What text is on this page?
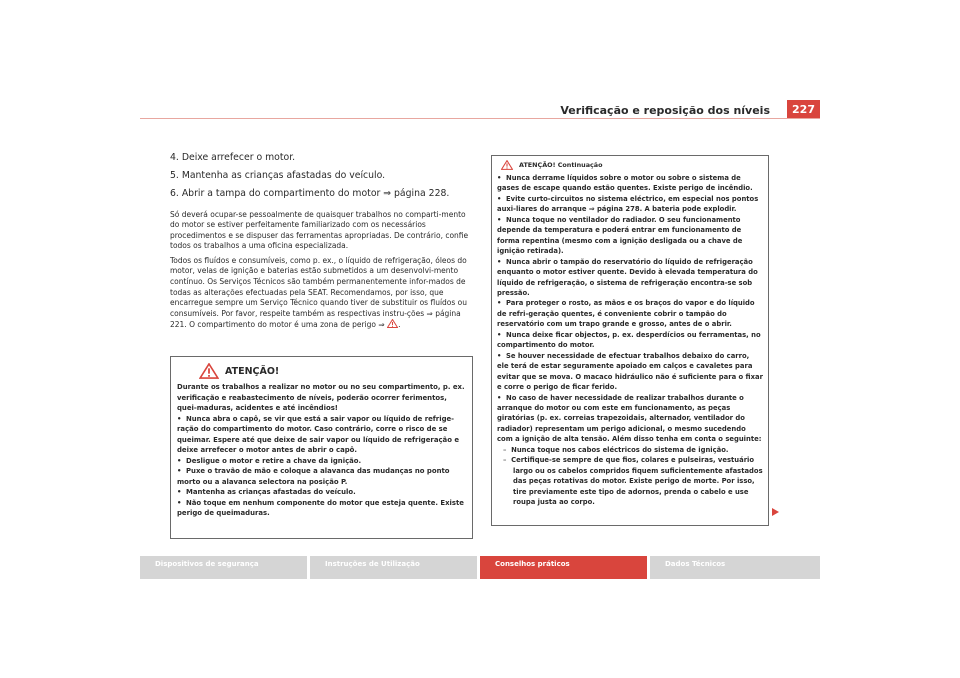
Verificação e reposição dos níveis	227
4. Deixe arrefecer o motor.
5. Mantenha as crianças afastadas do veículo.
6. Abrir a tampa do compartimento do motor ⇒ página 228.

Só deverá ocupar-se pessoalmente de quaisquer trabalhos no comparti-mento do motor se estiver perfeitamente familiarizado com os necessários procedimentos e se dispuser das ferramentas apropriadas. De contrário, confie todos os trabalhos a uma oficina especializada.

Todos os fluídos e consumíveis, como p. ex., o líquido de refrigeração, óleos do motor, velas de ignição e baterias estão submetidos a um desenvolvi-mento contínuo. Os Serviços Técnicos são também permanentemente infor-mados de todas as alterações efectuadas pela SEAT. Recomendamos, por isso, que encarregue sempre um Serviço Técnico quando tiver de substituir os fluídos ou consumíveis. Por favor, respeite também as respectivas instru-ções ⇒ página 221. O compartimento do motor é uma zona de perigo ⇒ .

ATENÇÃO!

Durante os trabalhos a realizar no motor ou no seu compartimento, p. ex. verificação e reabastecimento de níveis, poderão ocorrer ferimentos, quei-maduras, acidentes e até incêndios!
• Nunca abra o capô, se vir que está a sair vapor ou líquido de refrige-ração do compartimento do motor. Caso contrário, corre o risco de se queimar. Espere até que deixe de sair vapor ou líquido de refrigeração e deixe arrefecer o motor antes de abrir o capô.
• Desligue o motor e retire a chave da ignição.
• Puxe o travão de mão e coloque a alavanca das mudanças no ponto morto ou a alavanca selectora na posição P.
• Mantenha as crianças afastadas do veículo.
• Não toque em nenhum componente do motor que esteja quente. Existe perigo de queimaduras.

ATENÇÃO! Continuação

• Nunca derrame líquidos sobre o motor ou sobre o sistema de gases de escape quando estão quentes. Existe perigo de incêndio.
• Evite curto-circuitos no sistema eléctrico, em especial nos pontos auxi-liares do arranque ⇒ página 278. A bateria pode explodir.
• Nunca toque no ventilador do radiador. O seu funcionamento depende da temperatura e poderá entrar em funcionamento de forma repentina (mesmo com a ignição desligada ou a chave de ignição retirada).
• Nunca abrir o tampão do reservatório do líquido de refrigeração enquanto o motor estiver quente. Devido à elevada temperatura do líquido de refrigeração, o sistema de refrigeração encontra-se sob pressão.
• Para proteger o rosto, as mãos e os braços do vapor e do líquido de refri-geração quentes, é conveniente cobrir o tampão do reservatório com um trapo grande e grosso, antes de o abrir.
• Nunca deixe ficar objectos, p. ex. desperdícios ou ferramentas, no compartimento do motor.
• Se houver necessidade de efectuar trabalhos debaixo do carro, ele terá de estar seguramente apoiado em calços e cavaletes para evitar que se mova. O macaco hidráulico não é suficiente para o fixar e corre o perigo de ficar ferido.
• No caso de haver necessidade de realizar trabalhos durante o arranque do motor ou com este em funcionamento, as peças giratórias (p. ex. correias trapezoidais, alternador, ventilador do radiador) representam um perigo adicional, o mesmo sucedendo com a ignição de alta tensão. Além disso tenha em conta o seguinte:
–  Nunca toque nos cabos eléctricos do sistema de ignição.
–  Certifique-se sempre de que fios, colares e pulseiras, vestuário largo ou os cabelos compridos fiquem suficientemente afastados das peças rotativas do motor. Existe perigo de morte. Por isso, tire previamente este tipo de adornos, prenda o cabelo e use roupa justa ao corpo.

Dispositivos de segurança	Instruções de Utilização	Conselhos práticos	Dados Técnicos
